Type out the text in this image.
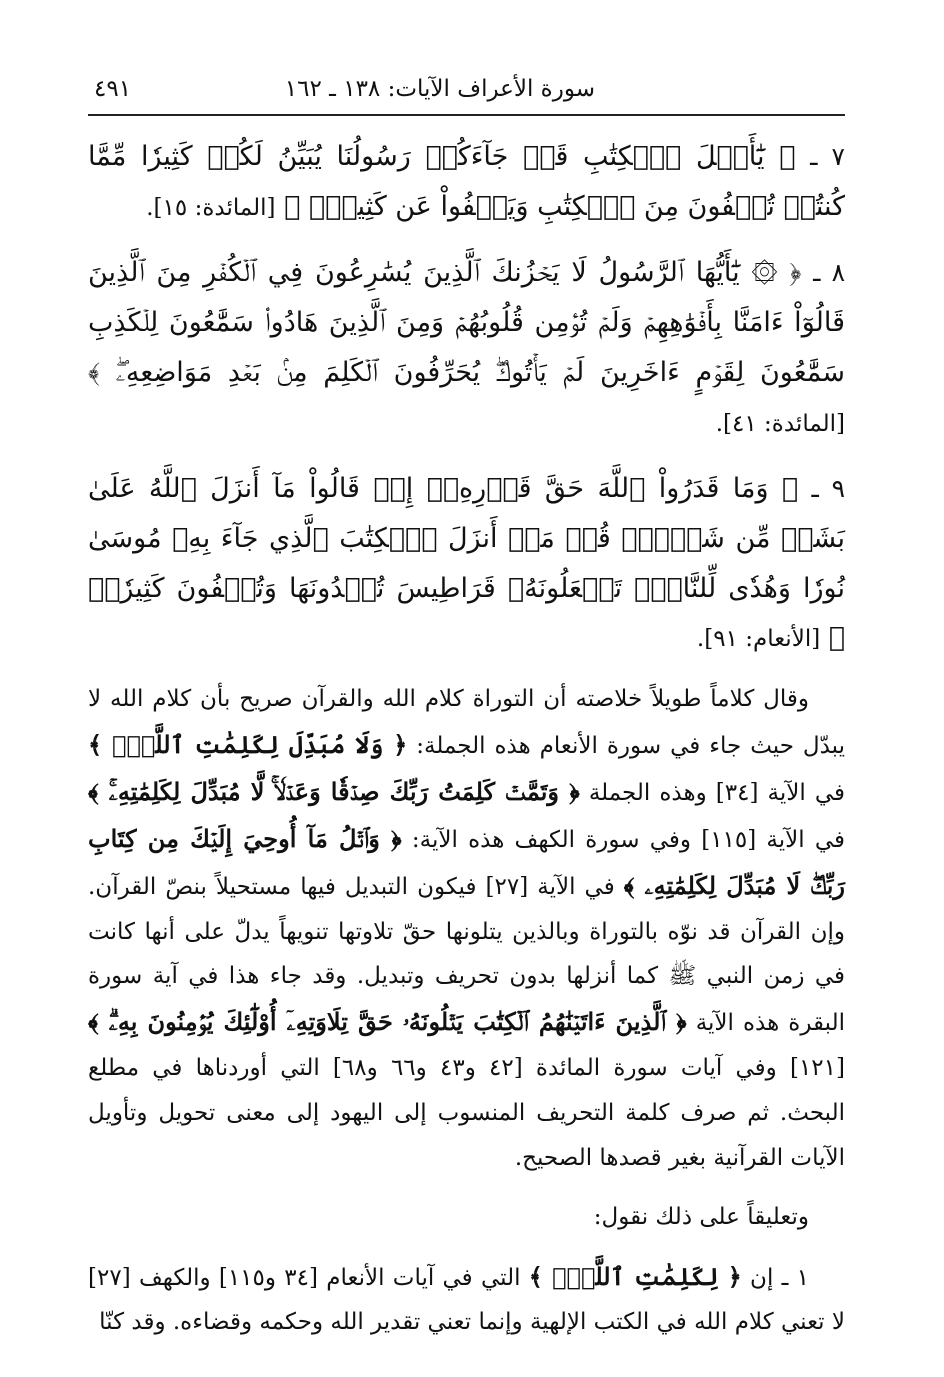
سورة الأعراف الآيات: ١٣٨ ـ ١٦٢
٤٩١

٧ ـ ﴿ يَٰٓأَهۡلَ ٱلۡكِتَٰبِ قَدۡ جَآءَكُمۡ رَسُولُنَا يُبَيِّنُ لَكُمۡ كَثِيرٗا مِّمَّا كُنتُمۡ تُخۡفُونَ مِنَ ٱلۡكِتَٰبِ وَيَعۡفُواْ عَن كَثِيرٖۚ ﴾ [المائدة: ١٥].

٨ ـ ﴿ ۞ يَٰٓأَيُّهَا ٱلرَّسُولُ لَا يَحۡزُنكَ ٱلَّذِينَ يُسَٰرِعُونَ فِي ٱلۡكُفۡرِ مِنَ ٱلَّذِينَ قَالُوٓاْ ءَامَنَّا بِأَفۡوَٰهِهِمۡ وَلَمۡ تُؤۡمِن قُلُوبُهُمۡۛ وَمِنَ ٱلَّذِينَ هَادُواْۛ سَمَّٰعُونَ لِلۡكَذِبِ سَمَّٰعُونَ لِقَوۡمٍ ءَاخَرِينَ لَمۡ يَأۡتُوكَۖ يُحَرِّفُونَ ٱلۡكَلِمَ مِنۢ بَعۡدِ مَوَاضِعِهِۦۖ ﴾ [المائدة: ٤١].

٩ ـ ﴿ وَمَا قَدَرُواْ ٱللَّهَ حَقَّ قَدۡرِهِۦٓ إِذۡ قَالُواْ مَآ أَنزَلَ ٱللَّهُ عَلَىٰ بَشَرٖ مِّن شَيۡءٖۗ قُلۡ مَنۡ أَنزَلَ ٱلۡكِتَٰبَ ٱلَّذِي جَآءَ بِهِۦ مُوسَىٰ نُورٗا وَهُدٗى لِّلنَّاسِۖ تَجۡعَلُونَهُۥ قَرَاطِيسَ تُبۡدُونَهَا وَتُخۡفُونَ كَثِيرٗاۖ ﴾ [الأنعام: ٩١].

وقال كلاماً طويلاً خلاصته أن التوراة كلام الله والقرآن صريح بأن كلام الله لا يبدّل حيث جاء في سورة الأنعام هذه الجملة: ﴿ وَلَا مُبَدِّلَ لِكَلِمَٰتِ ٱللَّهِۚ ﴾ في الآية [٣٤] وهذه الجملة ﴿ وَتَمَّتۡ كَلِمَتُ رَبِّكَ صِدۡقٗا وَعَدۡلٗاۚ لَّا مُبَدِّلَ لِكَلِمَٰتِهِۦۚ ﴾ في الآية [١١٥] وفي سورة الكهف هذه الآية: ﴿ وَٱتۡلُ مَآ أُوحِيَ إِلَيۡكَ مِن كِتَابِ رَبِّكَۖ لَا مُبَدِّلَ لِكَلِمَٰتِهِۦ ﴾ في الآية [٢٧] فيكون التبديل فيها مستحيلاً بنصّ القرآن. وإن القرآن قد نوّه بالتوراة وبالذين يتلونها حقّ تلاوتها تنويهاً يدلّ على أنها كانت في زمن النبي ﷺ كما أنزلها بدون تحريف وتبديل. وقد جاء هذا في آية سورة البقرة هذه الآية ﴿ ٱلَّذِينَ ءَاتَيۡنَٰهُمُ ٱلۡكِتَٰبَ يَتۡلُونَهُۥ حَقَّ تِلَاوَتِهِۦٓ أُوْلَٰٓئِكَ يُؤۡمِنُونَ بِهِۦۗ ﴾ [١٢١] وفي آيات سورة المائدة [٤٢ و٤٣ و٦٦ و٦٨] التي أوردناها في مطلع البحث. ثم صرف كلمة التحريف المنسوب إلى اليهود إلى معنى تحويل وتأويل الآيات القرآنية بغير قصدها الصحيح.

وتعليقاً على ذلك نقول:

١ ـ إن ﴿ لِكَلِمَٰتِ ٱللَّهِۚ ﴾ التي في آيات الأنعام [٣٤ و١١٥] والكهف [٢٧] لا تعني كلام الله في الكتب الإلهية وإنما تعني تقدير الله وحكمه وقضاءه. وقد كنّا
